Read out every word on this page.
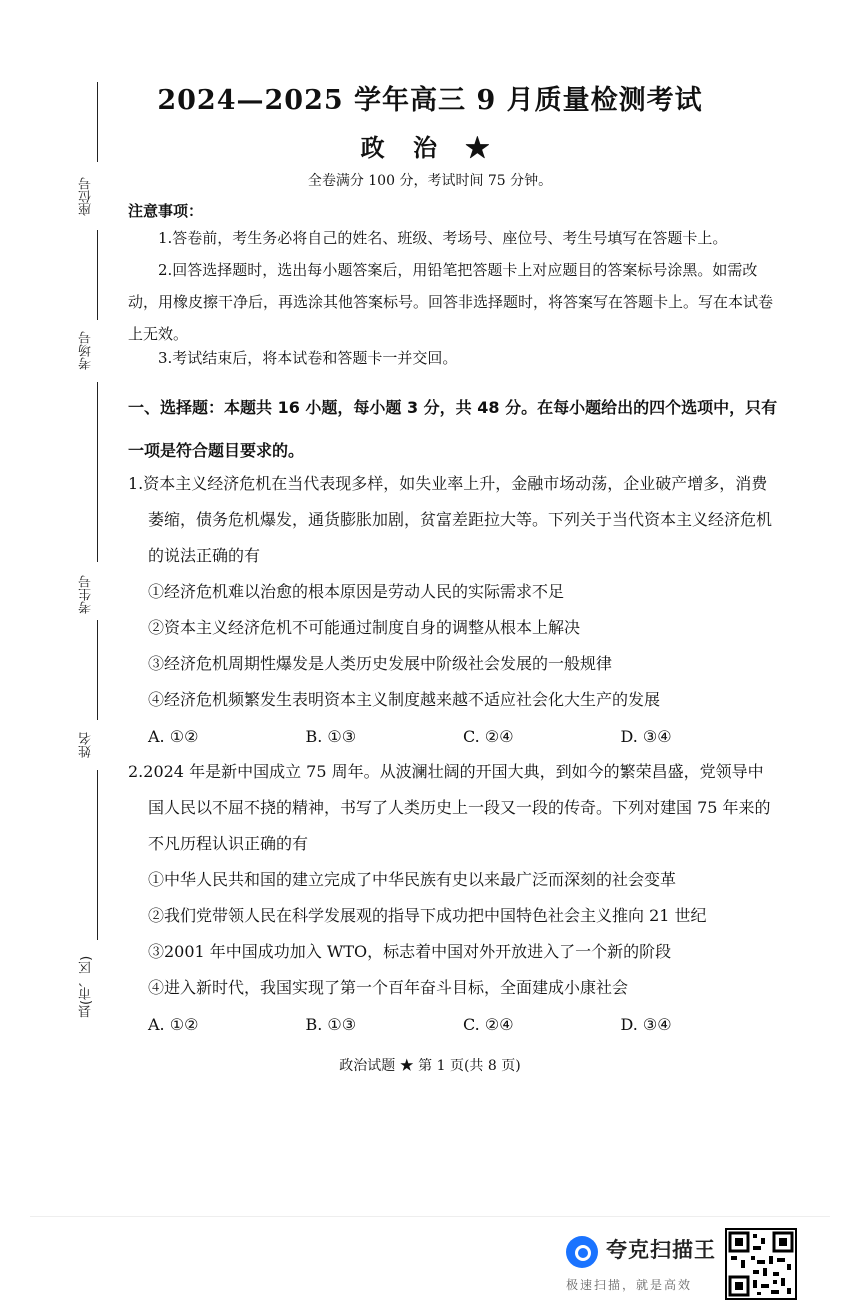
座位号
考场号
考生号
姓名
县(市、区)
2024—2025 学年高三 9 月质量检测考试
政 治 ★
全卷满分 100 分，考试时间 75 分钟。
注意事项：
1.答卷前，考生务必将自己的姓名、班级、考场号、座位号、考生号填写在答题卡上。
2.回答选择题时，选出每小题答案后，用铅笔把答题卡上对应题目的答案标号涂黑。如需改动，用橡皮擦干净后，再选涂其他答案标号。回答非选择题时，将答案写在答题卡上。写在本试卷上无效。
3.考试结束后，将本试卷和答题卡一并交回。
一、选择题：本题共 16 小题，每小题 3 分，共 48 分。在每小题给出的四个选项中，只有一项是符合题目要求的。
1.资本主义经济危机在当代表现多样，如失业率上升，金融市场动荡，企业破产增多，消费萎缩，债务危机爆发，通货膨胀加剧，贫富差距拉大等。下列关于当代资本主义经济危机的说法正确的有
①经济危机难以治愈的根本原因是劳动人民的实际需求不足
②资本主义经济危机不可能通过制度自身的调整从根本上解决
③经济危机周期性爆发是人类历史发展中阶级社会发展的一般规律
④经济危机频繁发生表明资本主义制度越来越不适应社会化大生产的发展
A. ①②	B. ①③	C. ②④	D. ③④
2.2024 年是新中国成立 75 周年。从波澜壮阔的开国大典，到如今的繁荣昌盛，党领导中国人民以不屈不挠的精神，书写了人类历史上一段又一段的传奇。下列对建国 75 年来的不凡历程认识正确的有
①中华人民共和国的建立完成了中华民族有史以来最广泛而深刻的社会变革
②我们党带领人民在科学发展观的指导下成功把中国特色社会主义推向 21 世纪
③2001 年中国成功加入 WTO，标志着中国对外开放进入了一个新的阶段
④进入新时代，我国实现了第一个百年奋斗目标，全面建成小康社会
A. ①②	B. ①③	C. ②④	D. ③④
政治试题 ★ 第 1 页(共 8 页)
夸克扫描王
极速扫描，就是高效
